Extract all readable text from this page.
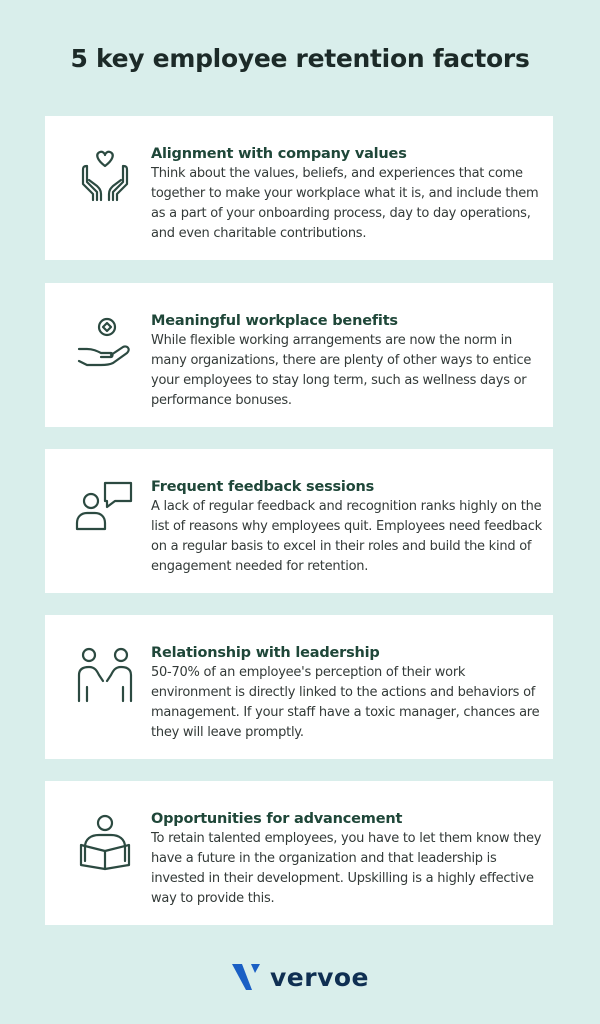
5 key employee retention factors
Alignment with company values
Think about the values, beliefs, and experiences that come together to make your workplace what it is, and include them as a part of your onboarding process, day to day operations, and even charitable contributions.
Meaningful workplace benefits
While flexible working arrangements are now the norm in many organizations, there are plenty of other ways to entice your employees to stay long term, such as wellness days or performance bonuses.
Frequent feedback sessions
A lack of regular feedback and recognition ranks highly on the list of reasons why employees quit. Employees need feedback on a regular basis to excel in their roles and build the kind of engagement needed for retention.
Relationship with leadership
50-70% of an employee's perception of their work environment is directly linked to the actions and behaviors of management. If your staff have a toxic manager, chances are they will leave promptly.
Opportunities for advancement
To retain talented employees, you have to let them know they have a future in the organization and that leadership is invested in their development. Upskilling is a highly effective way to provide this.
vervoe
